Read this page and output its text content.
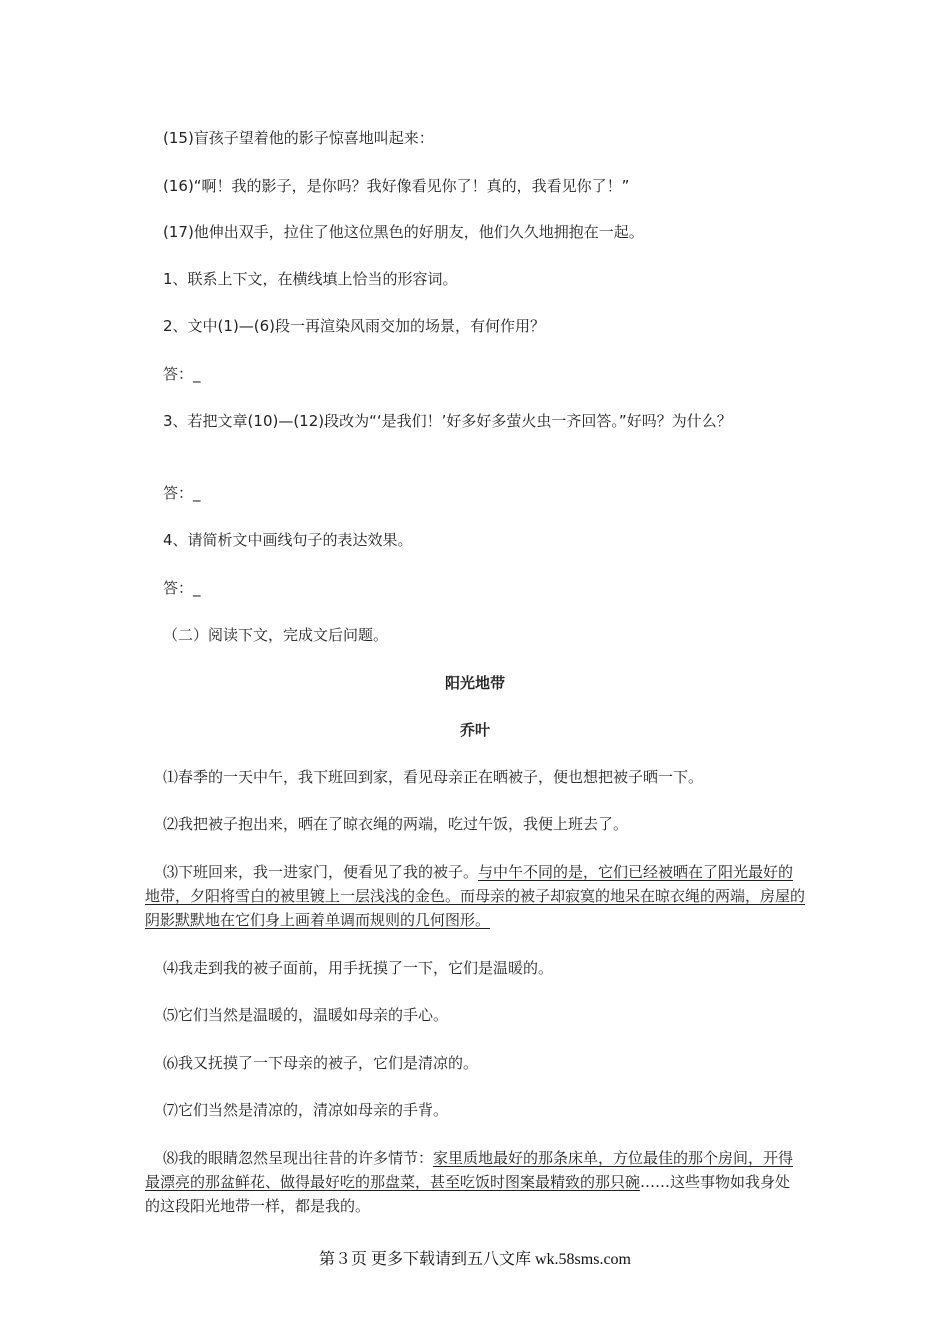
(15)盲孩子望着他的影子惊喜地叫起来：
(16)“啊！我的影子，是你吗？我好像看见你了！真的，我看见你了！”
(17)他伸出双手，拉住了他这位黑色的好朋友，他们久久地拥抱在一起。
1、联系上下文，在横线填上恰当的形容词。
2、文中(1)—(6)段一再渲染风雨交加的场景，有何作用？
答：_
3、若把文章(10)—(12)段改为“‘是我们！’好多好多萤火虫一齐回答。”好吗？为什么？
答：_
4、请简析文中画线句子的表达效果。
答：_
（二）阅读下文，完成文后问题。
阳光地带
乔叶
⑴春季的一天中午，我下班回到家，看见母亲正在晒被子，便也想把被子晒一下。
⑵我把被子抱出来，晒在了晾衣绳的两端，吃过午饭，我便上班去了。
⑶下班回来，我一进家门，便看见了我的被子。与中午不同的是，它们已经被晒在了阳光最好的地带，夕阳将雪白的被里镀上一层浅浅的金色。而母亲的被子却寂寞的地呆在晾衣绳的两端，房屋的阴影默默地在它们身上画着单调而规则的几何图形。
⑷我走到我的被子面前，用手抚摸了一下，它们是温暖的。
⑸它们当然是温暖的，温暖如母亲的手心。
⑹我又抚摸了一下母亲的被子，它们是清凉的。
⑺它们当然是清凉的，清凉如母亲的手背。
⑻我的眼睛忽然呈现出往昔的许多情节：家里质地最好的那条床单，方位最佳的那个房间，开得最漂亮的那盆鲜花、做得最好吃的那盘菜，甚至吃饭时图案最精致的那只碗……这些事物如我身处的这段阳光地带一样，都是我的。
第３页 更多下载请到五八文库 wk.58sms.com
